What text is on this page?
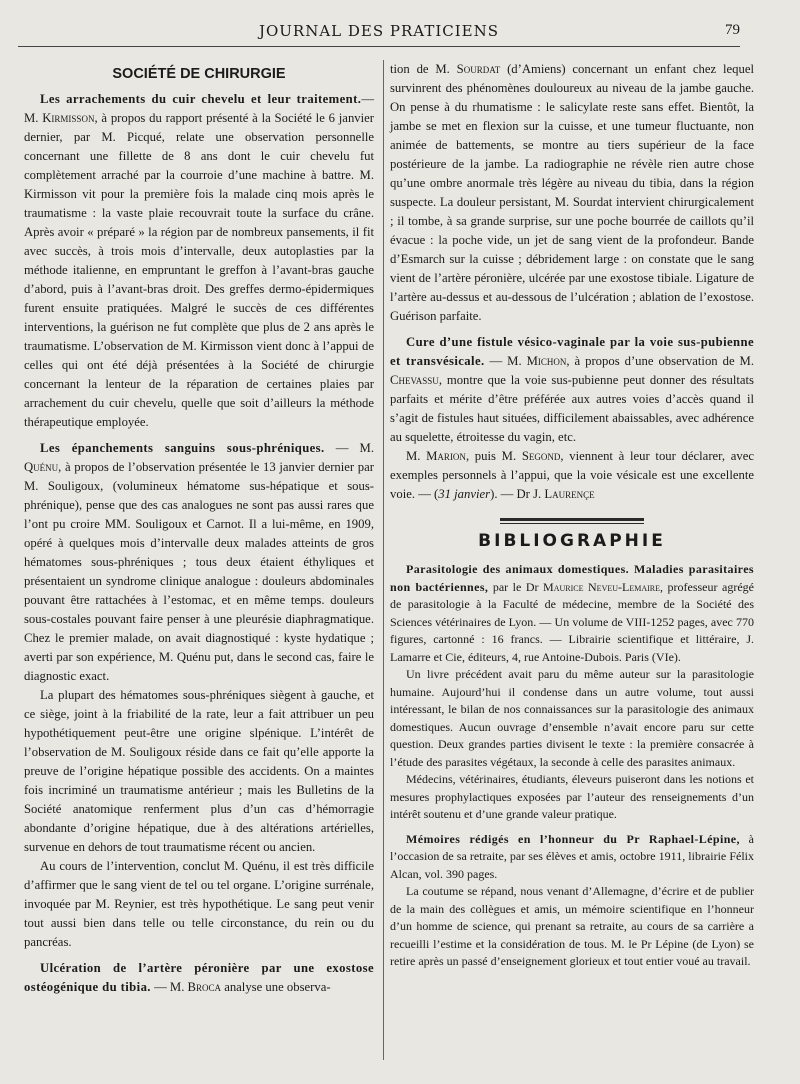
JOURNAL DES PRATICIENS	79
SOCIÉTÉ DE CHIRURGIE

Les arrachements du cuir chevelu et leur traitement.— M. Kirmisson, à propos du rapport présenté à la Société le 6 janvier dernier, par M. Picqué, relate une observation personnelle concernant une fillette de 8 ans dont le cuir chevelu fut complètement arraché par la courroie d’une machine à battre. M. Kirmisson vit pour la première fois la malade cinq mois après le traumatisme : la vaste plaie recouvrait toute la surface du crâne. Après avoir « préparé » la région par de nombreux pansements, il fit avec succès, à trois mois d’intervalle, deux autoplasties par la méthode italienne, en empruntant le greffon à l’avant-bras gauche d’abord, puis à l’avant-bras droit. Des greffes dermo-épidermiques furent ensuite pratiquées. Malgré le succès de ces différentes interventions, la guérison ne fut complète que plus de 2 ans après le traumatisme. L’observation de M. Kirmisson vient donc à l’appui de celles qui ont été déjà présentées à la Société de chirurgie concernant la lenteur de la réparation de certaines plaies par arrachement du cuir chevelu, quelle que soit d’ailleurs la méthode thérapeutique employée.

Les épanchements sanguins sous-phréniques. — M. Quénu, à propos de l’observation présentée le 13 janvier dernier par M. Souligoux, (volumineux hématome sus-hépatique et sous-phrénique), pense que des cas analogues ne sont pas aussi rares que l’ont pu croire MM. Souligoux et Carnot. Il a lui-même, en 1909, opéré à quelques mois d’intervalle deux malades atteints de gros hématomes sous-phréniques ; tous deux étaient éthyliques et présentaient un syndrome clinique analogue : douleurs abdominales pouvant être rattachées à l’estomac, et en même temps. douleurs sous-costales pouvant faire penser à une pleurésie diaphragmatique. Chez le premier malade, on avait diagnostiqué : kyste hydatique ; averti par son expérience, M. Quénu put, dans le second cas, faire le diagnostic exact.

La plupart des hématomes sous-phréniques siègent à gauche, et ce siège, joint à la friabilité de la rate, leur a fait attribuer un peu hypothétiquement peut-être une origine slpénique. L’intérêt de l’observation de M. Souligoux réside dans ce fait qu’elle apporte la preuve de l’origine hépatique possible des accidents. On a maintes fois incriminé un traumatisme antérieur ; mais les Bulletins de la Société anatomique renferment plus d’un cas d’hémorragie abondante d’origine hépatique, due à des altérations artérielles, survenue en dehors de tout traumatisme récent ou ancien.

Au cours de l’intervention, conclut M. Quénu, il est très difficile d’affirmer que le sang vient de tel ou tel organe. L’origine surrénale, invoquée par M. Reynier, est très hypothétique. Le sang peut venir tout aussi bien dans telle ou telle circonstance, du rein ou du pancréas.

Ulcération de l’artère péronière par une exostose ostéogénique du tibia. — M. Broca analyse une observa-

tion de M. Sourdat (d’Amiens) concernant un enfant chez lequel survinrent des phénomènes douloureux au niveau de la jambe gauche. On pense à du rhumatisme : le salicylate reste sans effet. Bientôt, la jambe se met en flexion sur la cuisse, et une tumeur fluctuante, non animée de battements, se montre au tiers supérieur de la face postérieure de la jambe. La radiographie ne révèle rien autre chose qu’une ombre anormale très légère au niveau du tibia, dans la région suspecte. La douleur persistant, M. Sourdat intervient chirurgicalement ; il tombe, à sa grande surprise, sur une poche bourrée de caillots qu’il évacue : la poche vide, un jet de sang vient de la profondeur. Bande d’Esmarch sur la cuisse ; débridement large : on constate que le sang vient de l’artère péronière, ulcérée par une exostose tibiale. Ligature de l’artère au-dessus et au-dessous de l’ulcération ; ablation de l’exostose. Guérison parfaite.

Cure d’une fistule vésico-vaginale par la voie sus-pubienne et transvésicale. — M. Michon, à propos d’une observation de M. Chevassu, montre que la voie sus-pubienne peut donner des résultats parfaits et mérite d’être préférée aux autres voies d’accès quand il s’agit de fistules haut situées, difficilement abaissables, avec adhérence au squelette, étroitesse du vagin, etc.

M. Marion, puis M. Segond, viennent à leur tour déclarer, avec exemples personnels à l’appui, que la voie vésicale est une excellente voie. — (31 janvier). — Dr J. Laurençe

BIBLIOGRAPHIE

Parasitologie des animaux domestiques. Maladies parasitaires non bactériennes, par le Dr Maurice Neveu-Lemaire, professeur agrégé de parasitologie à la Faculté de médecine, membre de la Société des Sciences vétérinaires de Lyon. — Un volume de VIII-1252 pages, avec 770 figures, cartonné : 16 francs. — Librairie scientifique et littéraire, J. Lamarre et Cie, éditeurs, 4, rue Antoine-Dubois. Paris (VIe).

Un livre précédent avait paru du même auteur sur la parasitologie humaine. Aujourd’hui il condense dans un autre volume, tout aussi intéressant, le bilan de nos connaissances sur la parasitologie des animaux domestiques. Aucun ouvrage d’ensemble n’avait encore paru sur cette question. Deux grandes parties divisent le texte : la première consacrée à l’étude des parasites végétaux, la seconde à celle des parasites animaux.

Médecins, vétérinaires, étudiants, éleveurs puiseront dans les notions et mesures prophylactiques exposées par l’auteur des renseignements d’un intérêt soutenu et d’une grande valeur pratique.

Mémoires rédigés en l’honneur du Pr Raphael-Lépine, à l’occasion de sa retraite, par ses élèves et amis, octobre 1911, librairie Félix Alcan, vol. 390 pages.

La coutume se répand, nous venant d’Allemagne, d’écrire et de publier de la main des collègues et amis, un mémoire scientifique en l’honneur d’un homme de science, qui prenant sa retraite, au cours de sa carrière a recueilli l’estime et la considération de tous. M. le Pr Lépine (de Lyon) se retire après un passé d’enseignement glorieux et tout entier voué au travail.
